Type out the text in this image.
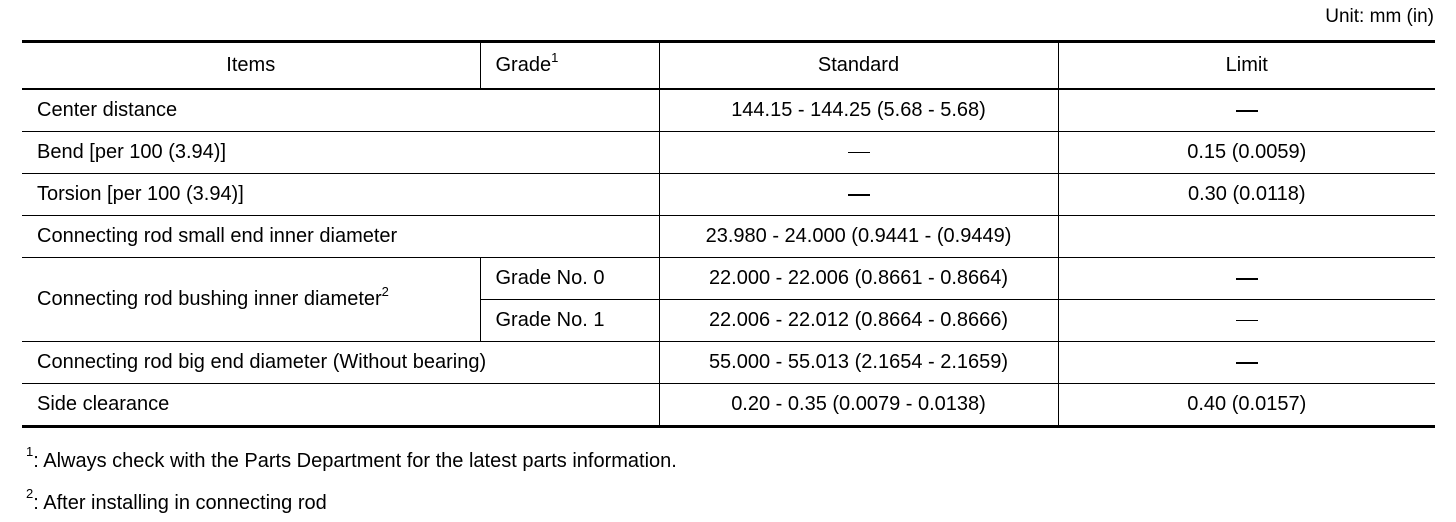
Unit: mm (in)
Items	Grade$^1$	Standard	Limit
Center distance		144.15 - 144.25 (5.68 - 5.68)	
Bend [per 100 (3.94)]			0.15 (0.0059)
Torsion [per 100 (3.94)]			0.30 (0.0118)
Connecting rod small end inner diameter		23.980 - 24.000 (0.9441 - (0.9449)	
Connecting rod bushing inner diameter$^2$	Grade No. 0	22.000 - 22.006 (0.8661 - 0.8664)	
	Grade No. 1	22.006 - 22.012 (0.8664 - 0.8666)	
Connecting rod big end diameter (Without bearing)		55.000 - 55.013 (2.1654 - 2.1659)	
Side clearance		0.20 - 0.35 (0.0079 - 0.0138)	0.40 (0.0157)
$^1$: Always check with the Parts Department for the latest parts information.
$^2$: After installing in connecting rod
